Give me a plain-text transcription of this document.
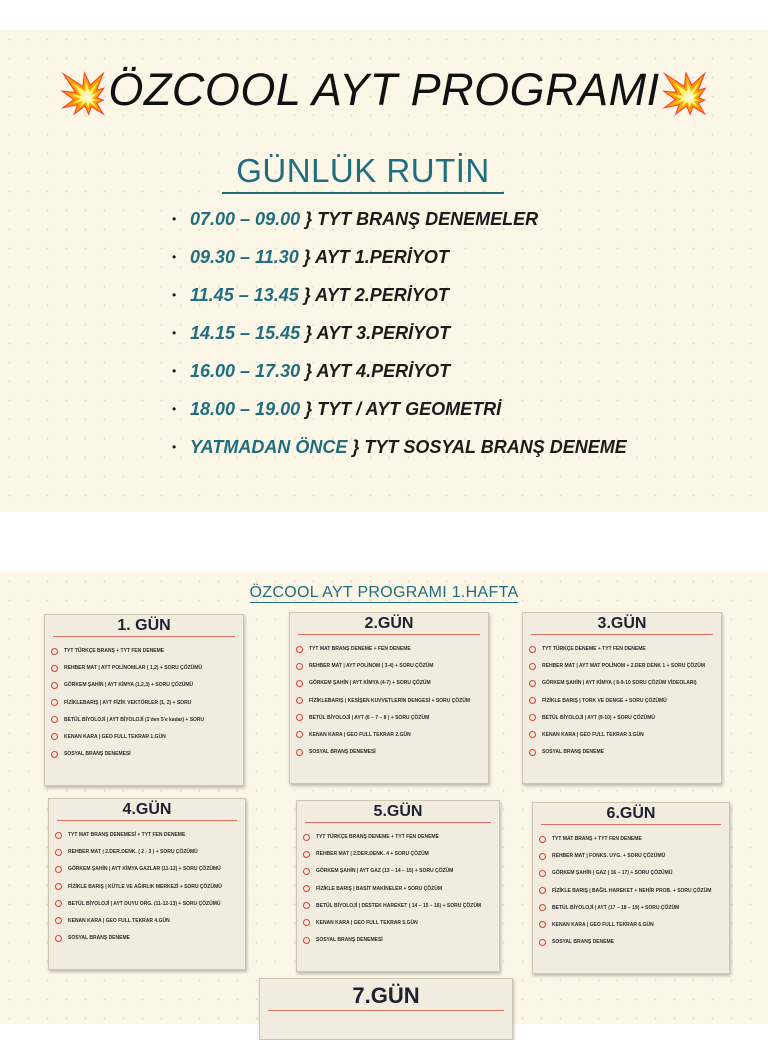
💥ÖZCOOL AYT PROGRAMI💥
GÜNLÜK RUTİN
• 07.00 – 09.00 } TYT BRANŞ DENEMELER
• 09.30 – 11.30 } AYT 1.PERİYOT
• 11.45 – 13.45 } AYT 2.PERİYOT
• 14.15 – 15.45 } AYT 3.PERİYOT
• 16.00 – 17.30 } AYT 4.PERİYOT
• 18.00 – 19.00 } TYT / AYT GEOMETRİ
• YATMADAN ÖNCE } TYT SOSYAL BRANŞ DENEME
ÖZCOOL AYT PROGRAMI 1.HAFTA
1. GÜN
TYT TÜRKÇE BRANŞ + TYT FEN DENEME
REHBER MAT | AYT POLİNOMLAR ( 1,2) + SORU ÇÖZÜMÜ
GÖRKEM ŞAHİN | AYT KİMYA (1,2,3) + SORU ÇÖZÜMÜ
FİZİKLEBARIŞ | AYT FİZİK VEKTÖRLER (1, 2) + SORU
BETÜL BİYOLOJİ | AYT BİYOLOJİ (1'den 5'e kadar) + SORU
KENAN KARA | GEO FULL TEKRAR 1.GÜN
SOSYAL BRANŞ DENEMESİ
2.GÜN
TYT MAT BRANŞ DENEME + FEN DENEME
REHBER MAT | AYT POLİNOM ( 3-4) + SORU ÇÖZÜM
GÖRKEM ŞAHİN | AYT KİMYA (4-7) + SORU ÇÖZÜM
FİZİKLEBARIŞ | KESİŞEN KUVVETLERİN DENGESİ + SORU ÇÖZÜM
BETÜL BİYOLOJİ | AYT (6 – 7 – 8 ) + SORU ÇÖZÜM
KENAN KARA | GEO FULL TEKRAR 2.GÜN
SOSYAL BRANŞ DENEMESİ
3.GÜN
TYT TÜRKÇE DENEME + TYT FEN DENEME
REHBER MAT | AYT MAT POLİNOM + 2.DER DENK 1 + SORU ÇÖZÜM
GÖRKEM ŞAHİN | AYT KİMYA ( 8-9-10 SORU ÇÖZÜM VİDEOLARI)
FİZİKLE BARIŞ | TORK VE DENGE + SORU ÇÖZÜMÜ
BETÜL BİYOLOJİ | AYT (9-10) + SORU ÇÖZÜMÜ
KENAN KARA | GEO FULL TEKRAR 3.GÜN
SOSYAL BRANŞ DENEME
4.GÜN
TYT MAT BRANŞ DENEMESİ + TYT FEN DENEME
REHBER MAT | 2.DER.DENK. ( 2 - 3 ) + SORU ÇÖZÜMÜ
GÖRKEM ŞAHİN | AYT KİMYA GAZLAR (11-12) + SORU ÇÖZÜMÜ
FİZİKLE BARIŞ | KÜTLE VE AĞIRLIK MERKEZİ + SORU ÇÖZÜMÜ
BETÜL BİYOLOJİ | AYT DUYU ORG. (11-12-13) + SORU ÇÖZÜMÜ
KENAN KARA | GEO FULL TEKRAR 4.GÜN
SOSYAL BRANŞ DENEME
5.GÜN
TYT TÜRKÇE BRANŞ DENEME + TYT FEN DENEME
REHBER MAT | 2.DER.DENK. 4 + SORU ÇÖZÜM
GÖRKEM ŞAHİN | AYT GAZ (13 – 14 – 15) + SORU ÇÖZÜM
FİZİKLE BARIŞ | BASİT MAKİNELER + SORU ÇÖZÜM
BETÜL BİYOLOJİ | DESTEK HAREKET ( 14 – 15 – 16) + SORU ÇÖZÜM
KENAN KARA | GEO FULL TEKRAR 5.GÜN
SOSYAL BRANŞ DENEMESİ
6.GÜN
TYT MAT BRANŞ + TYT FEN DENEME
REHBER MAT | FONKS. UYG. + SORU ÇÖZÜMÜ
GÖRKEM ŞAHİN | GAZ ( 16 – 17) + SORU ÇÖZÜMÜ
FİZİKLE BARIŞ | BAĞIL HAREKET + NEHİR PROB. + SORU ÇÖZÜM
BETÜL BİYOLOJİ | AYT (17 – 18 – 19) + SORU ÇÖZÜM
KENAN KARA | GEO FULL TEKRAR 6.GÜN
SOSYAL BRANŞ DENEME
7.GÜN
